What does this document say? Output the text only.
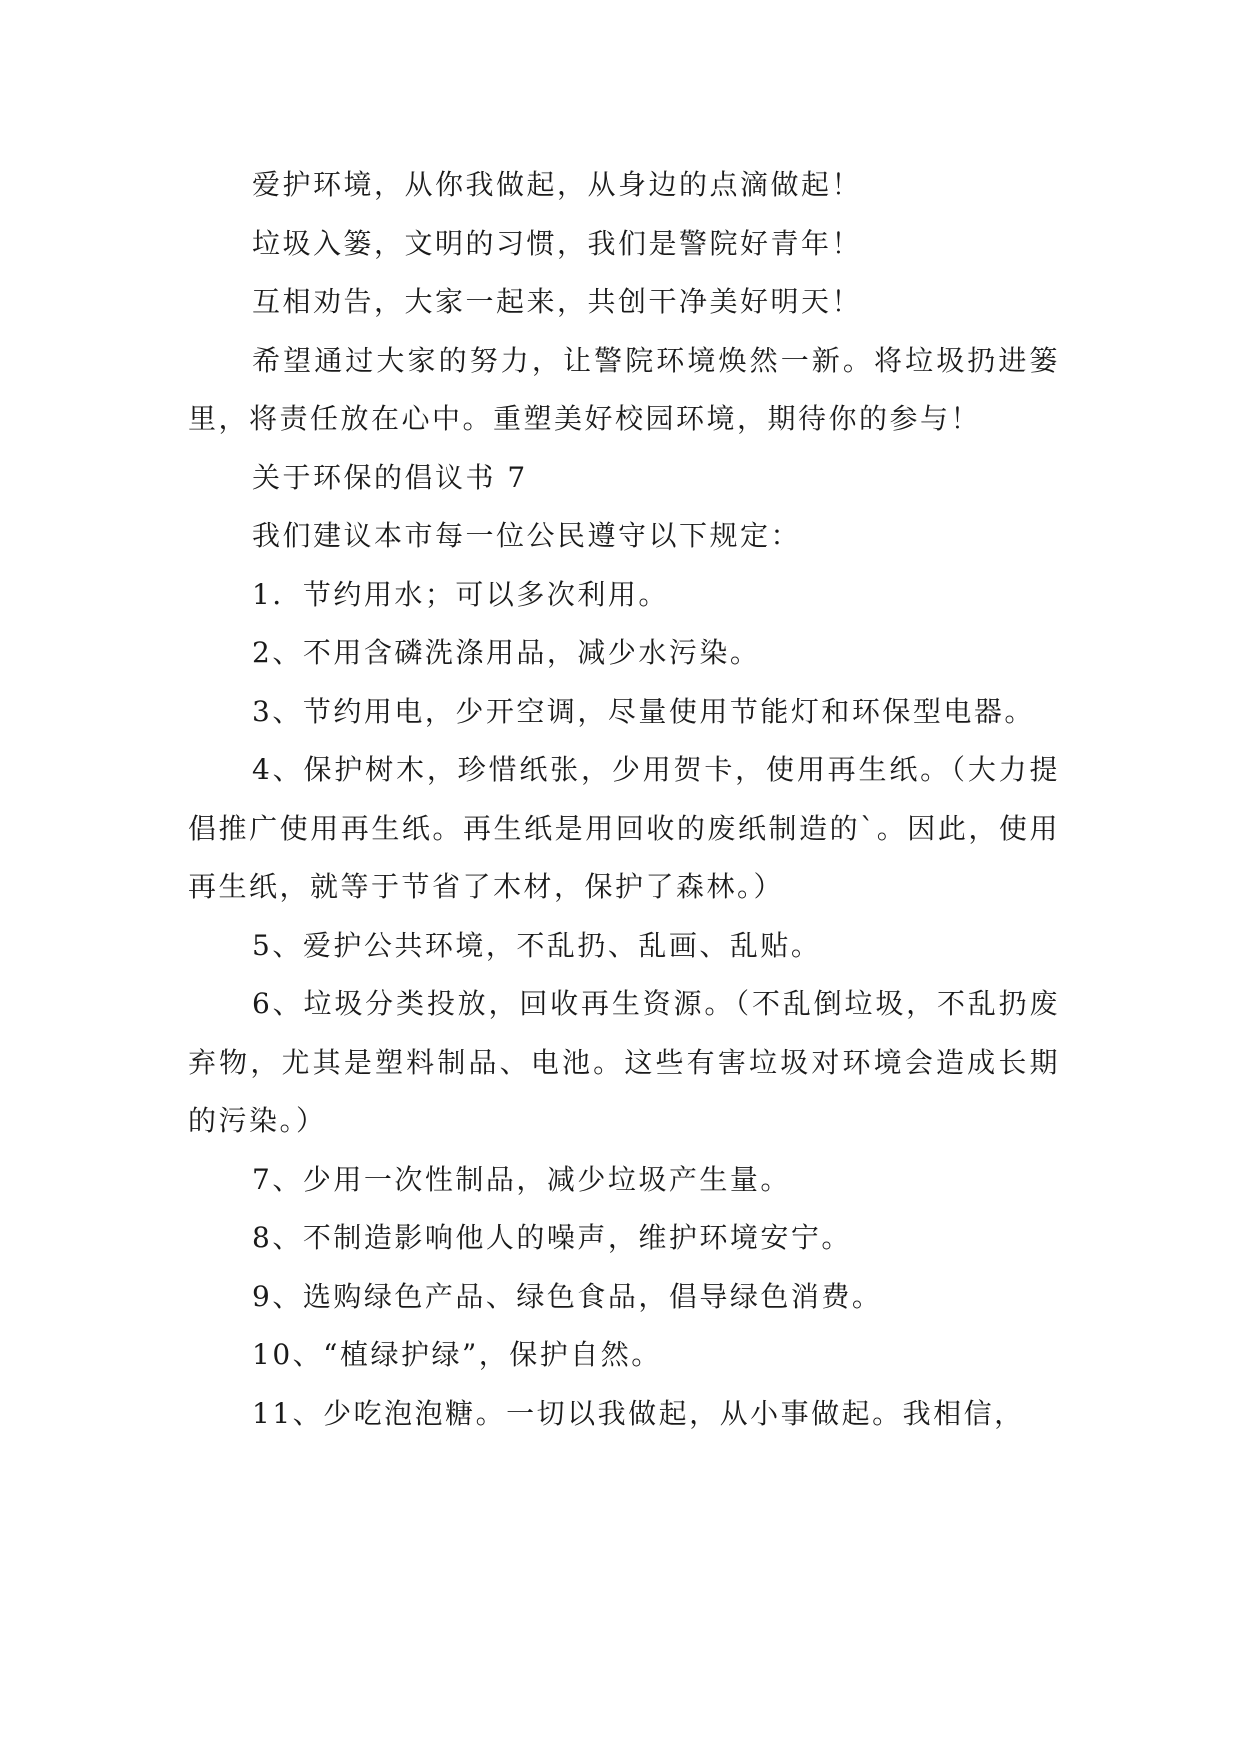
爱护环境，从你我做起，从身边的点滴做起！

垃圾入篓，文明的习惯，我们是警院好青年！

互相劝告，大家一起来，共创干净美好明天！

希望通过大家的努力，让警院环境焕然一新。将垃圾扔进篓里，将责任放在心中。重塑美好校园环境，期待你的参与！

关于环保的倡议书 7

我们建议本市每一位公民遵守以下规定：

1．节约用水；可以多次利用。

2、不用含磷洗涤用品，减少水污染。

3、节约用电，少开空调，尽量使用节能灯和环保型电器。

4、保护树木，珍惜纸张，少用贺卡，使用再生纸。（大力提倡推广使用再生纸。再生纸是用回收的废纸制造的`。因此，使用再生纸，就等于节省了木材，保护了森林。）

5、爱护公共环境，不乱扔、乱画、乱贴。

6、垃圾分类投放，回收再生资源。（不乱倒垃圾，不乱扔废弃物，尤其是塑料制品、电池。这些有害垃圾对环境会造成长期的污染。）

7、少用一次性制品，减少垃圾产生量。

8、不制造影响他人的噪声，维护环境安宁。

9、选购绿色产品、绿色食品，倡导绿色消费。

10、“植绿护绿”，保护自然。

11、少吃泡泡糖。一切以我做起，从小事做起。我相信，
